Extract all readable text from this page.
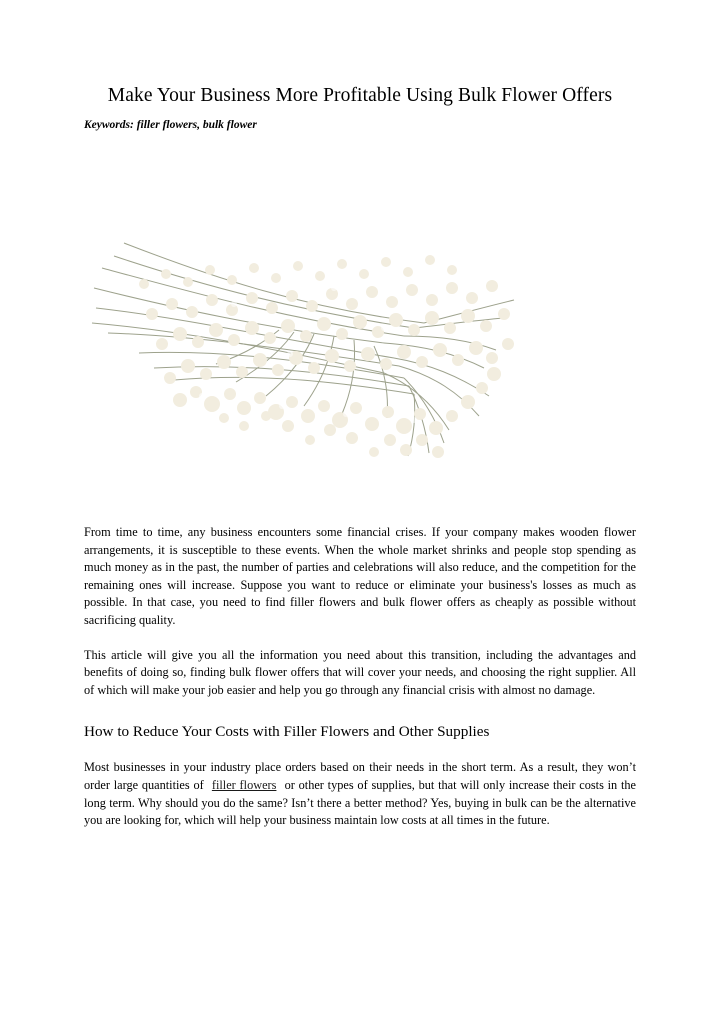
Make Your Business More Profitable Using Bulk Flower Offers

Keywords: filler flowers, bulk flower

From time to time, any business encounters some financial crises. If your company makes wooden flower arrangements, it is susceptible to these events. When the whole market shrinks and people stop spending as much money as in the past, the number of parties and celebrations will also reduce, and the competition for the remaining ones will increase. Suppose you want to reduce or eliminate your business's losses as much as possible. In that case, you need to find filler flowers and bulk flower offers as cheaply as possible without sacrificing quality.

This article will give you all the information you need about this transition, including the advantages and benefits of doing so, finding bulk flower offers that will cover your needs, and choosing the right supplier. All of which will make your job easier and help you go through any financial crisis with almost no damage.

How to Reduce Your Costs with Filler Flowers and Other Supplies

Most businesses in your industry place orders based on their needs in the short term. As a result, they won’t order large quantities of filler flowers or other types of supplies, but that will only increase their costs in the long term. Why should you do the same? Isn’t there a better method? Yes, buying in bulk can be the alternative you are looking for, which will help your business maintain low costs at all times in the future.
